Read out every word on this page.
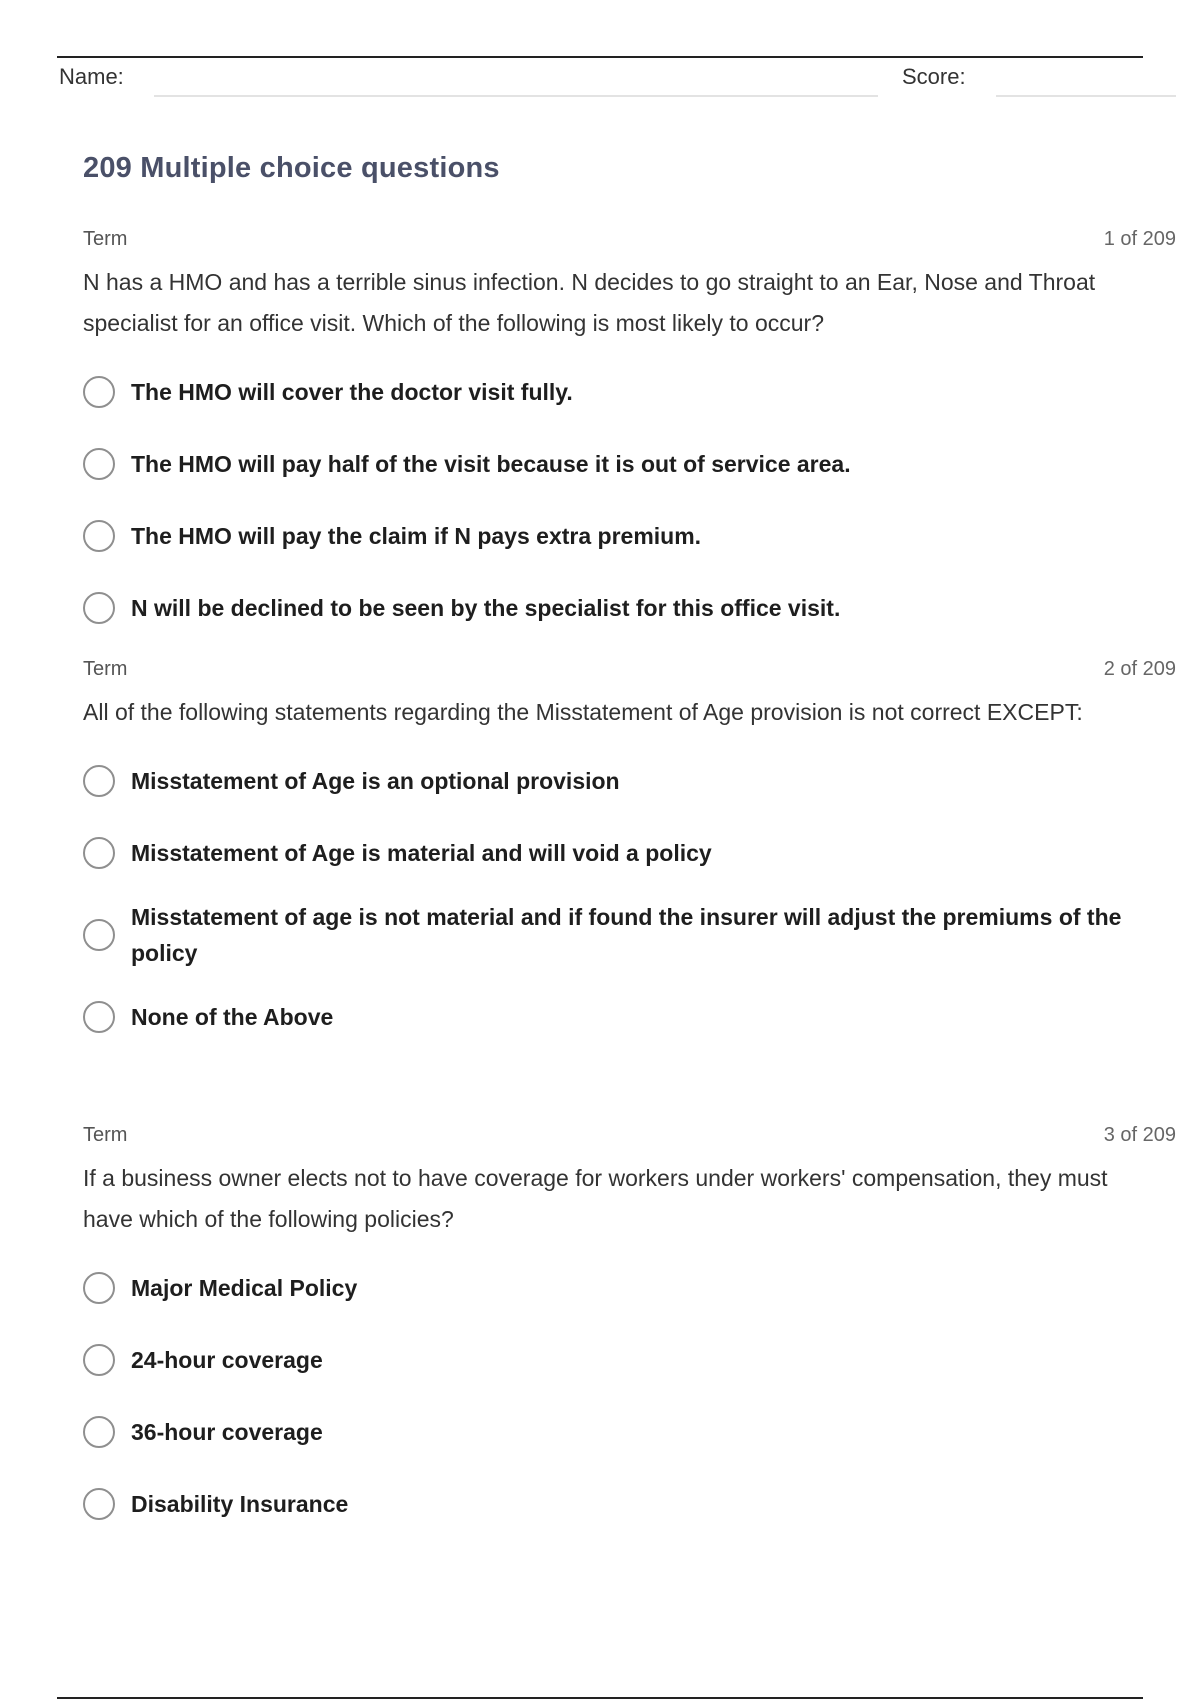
Name:	Score:
209 Multiple choice questions
Term	1 of 209
N has a HMO and has a terrible sinus infection. N decides to go straight to an Ear, Nose and Throat specialist for an office visit. Which of the following is most likely to occur?
The HMO will cover the doctor visit fully.
The HMO will pay half of the visit because it is out of service area.
The HMO will pay the claim if N pays extra premium.
N will be declined to be seen by the specialist for this office visit.
Term	2 of 209
All of the following statements regarding the Misstatement of Age provision is not correct EXCEPT:
Misstatement of Age is an optional provision
Misstatement of Age is material and will void a policy
Misstatement of age is not material and if found the insurer will adjust the premiums of the policy
None of the Above
Term	3 of 209
If a business owner elects not to have coverage for workers under workers' compensation, they must have which of the following policies?
Major Medical Policy
24-hour coverage
36-hour coverage
Disability Insurance
